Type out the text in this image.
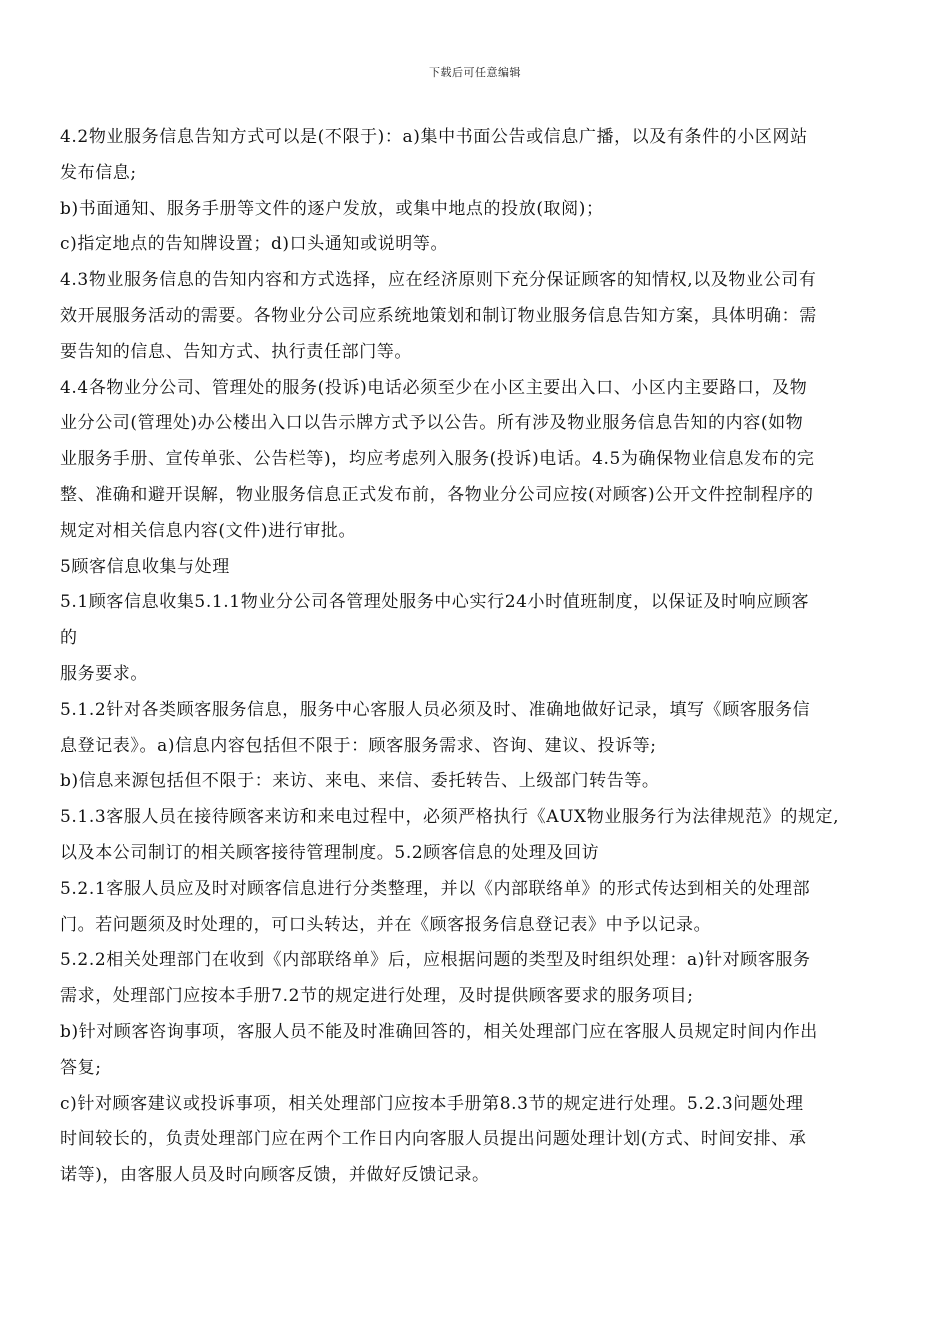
下载后可任意编辑
4.2物业服务信息告知方式可以是(不限于)：a)集中书面公告或信息广播，以及有条件的小区网站
发布信息;
b)书面通知、服务手册等文件的逐户发放，或集中地点的投放(取阅)；
c)指定地点的告知牌设置；d)口头通知或说明等。
4.3物业服务信息的告知内容和方式选择，应在经济原则下充分保证顾客的知情权,以及物业公司有
效开展服务活动的需要。各物业分公司应系统地策划和制订物业服务信息告知方案，具体明确：需
要告知的信息、告知方式、执行责任部门等。
4.4各物业分公司、管理处的服务(投诉)电话必须至少在小区主要出入口、小区内主要路口，及物
业分公司(管理处)办公楼出入口以告示牌方式予以公告。所有涉及物业服务信息告知的内容(如物
业服务手册、宣传单张、公告栏等)，均应考虑列入服务(投诉)电话。4.5为确保物业信息发布的完
整、准确和避开误解，物业服务信息正式发布前，各物业分公司应按(对顾客)公开文件控制程序的
规定对相关信息内容(文件)进行审批。
5顾客信息收集与处理
5.1顾客信息收集5.1.1物业分公司各管理处服务中心实行24小时值班制度，以保证及时响应顾客
的
服务要求。
5.1.2针对各类顾客服务信息，服务中心客服人员必须及时、准确地做好记录，填写《顾客服务信
息登记表》。a)信息内容包括但不限于：顾客服务需求、咨询、建议、投诉等;
b)信息来源包括但不限于：来访、来电、来信、委托转告、上级部门转告等。
5.1.3客服人员在接待顾客来访和来电过程中，必须严格执行《AUX物业服务行为法律规范》的规定,
以及本公司制订的相关顾客接待管理制度。5.2顾客信息的处理及回访
5.2.1客服人员应及时对顾客信息进行分类整理，并以《内部联络单》的形式传达到相关的处理部
门。若问题须及时处理的，可口头转达，并在《顾客报务信息登记表》中予以记录。
5.2.2相关处理部门在收到《内部联络单》后，应根据问题的类型及时组织处理：a)针对顾客服务
需求，处理部门应按本手册7.2节的规定进行处理，及时提供顾客要求的服务项目;
b)针对顾客咨询事项，客服人员不能及时准确回答的，相关处理部门应在客服人员规定时间内作出
答复;
c)针对顾客建议或投诉事项，相关处理部门应按本手册第8.3节的规定进行处理。5.2.3问题处理
时间较长的，负责处理部门应在两个工作日内向客服人员提出问题处理计划(方式、时间安排、承
诺等)，由客服人员及时向顾客反馈，并做好反馈记录。
